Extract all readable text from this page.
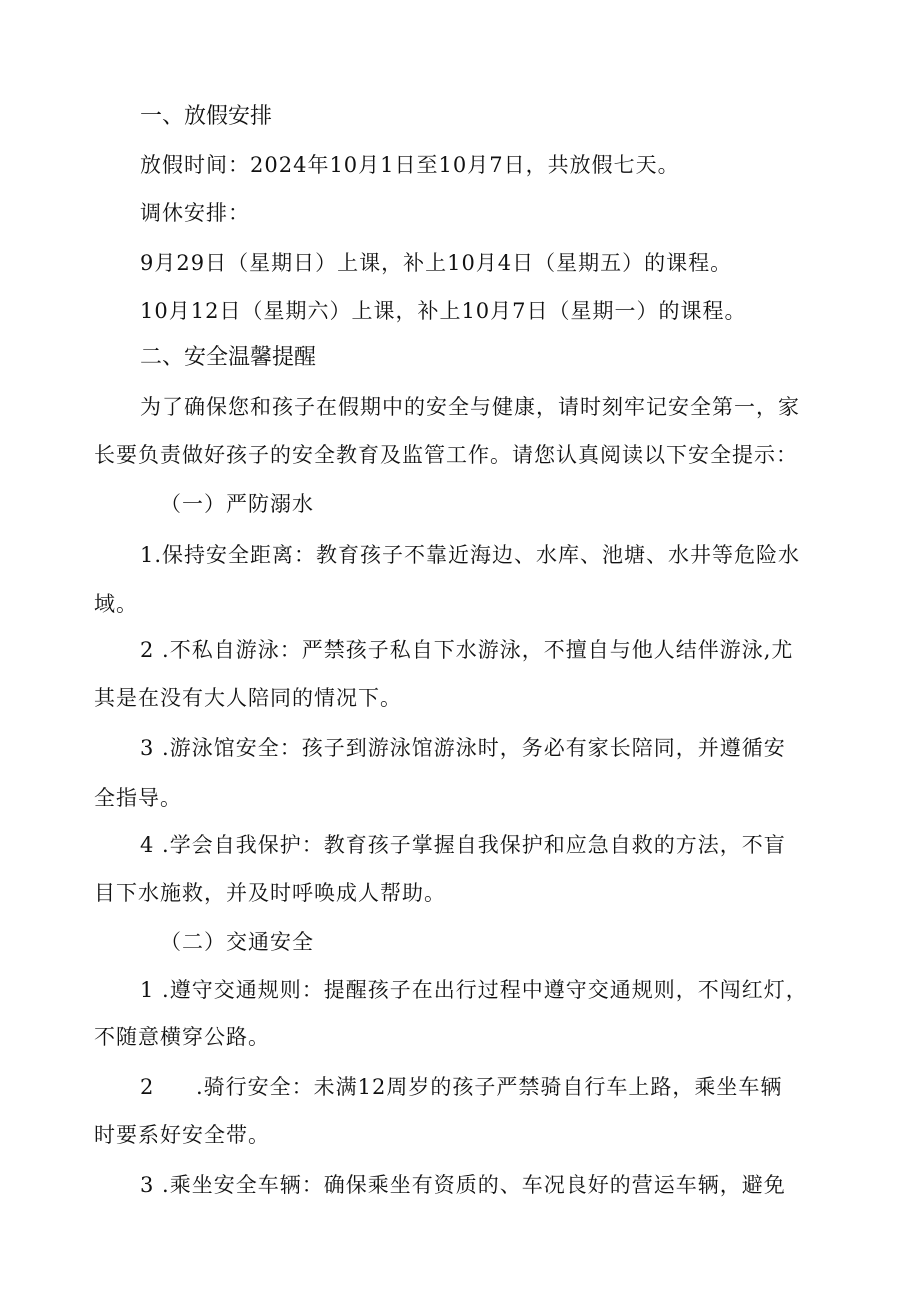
一、放假安排
放假时间：2024年10月1日至10月7日，共放假七天。
调休安排：
9月29日（星期日）上课，补上10月4日（星期五）的课程。
10月12日（星期六）上课，补上10月7日（星期一）的课程。
二、安全温馨提醒
为了确保您和孩子在假期中的安全与健康，请时刻牢记安全第一，家
长要负责做好孩子的安全教育及监管工作。请您认真阅读以下安全提示：
（一）严防溺水
1.保持安全距离：教育孩子不靠近海边、水库、池塘、水井等危险水
域。
2 .不私自游泳：严禁孩子私自下水游泳，不擅自与他人结伴游泳,尤
其是在没有大人陪同的情况下。
3 .游泳馆安全：孩子到游泳馆游泳时，务必有家长陪同，并遵循安
全指导。
4 .学会自我保护：教育孩子掌握自我保护和应急自救的方法，不盲
目下水施救，并及时呼唤成人帮助。
（二）交通安全
1 .遵守交通规则：提醒孩子在出行过程中遵守交通规则，不闯红灯，
不随意横穿公路。
2 .骑行安全：未满12周岁的孩子严禁骑自行车上路，乘坐车辆
时要系好安全带。
3 .乘坐安全车辆：确保乘坐有资质的、车况良好的营运车辆，避免
